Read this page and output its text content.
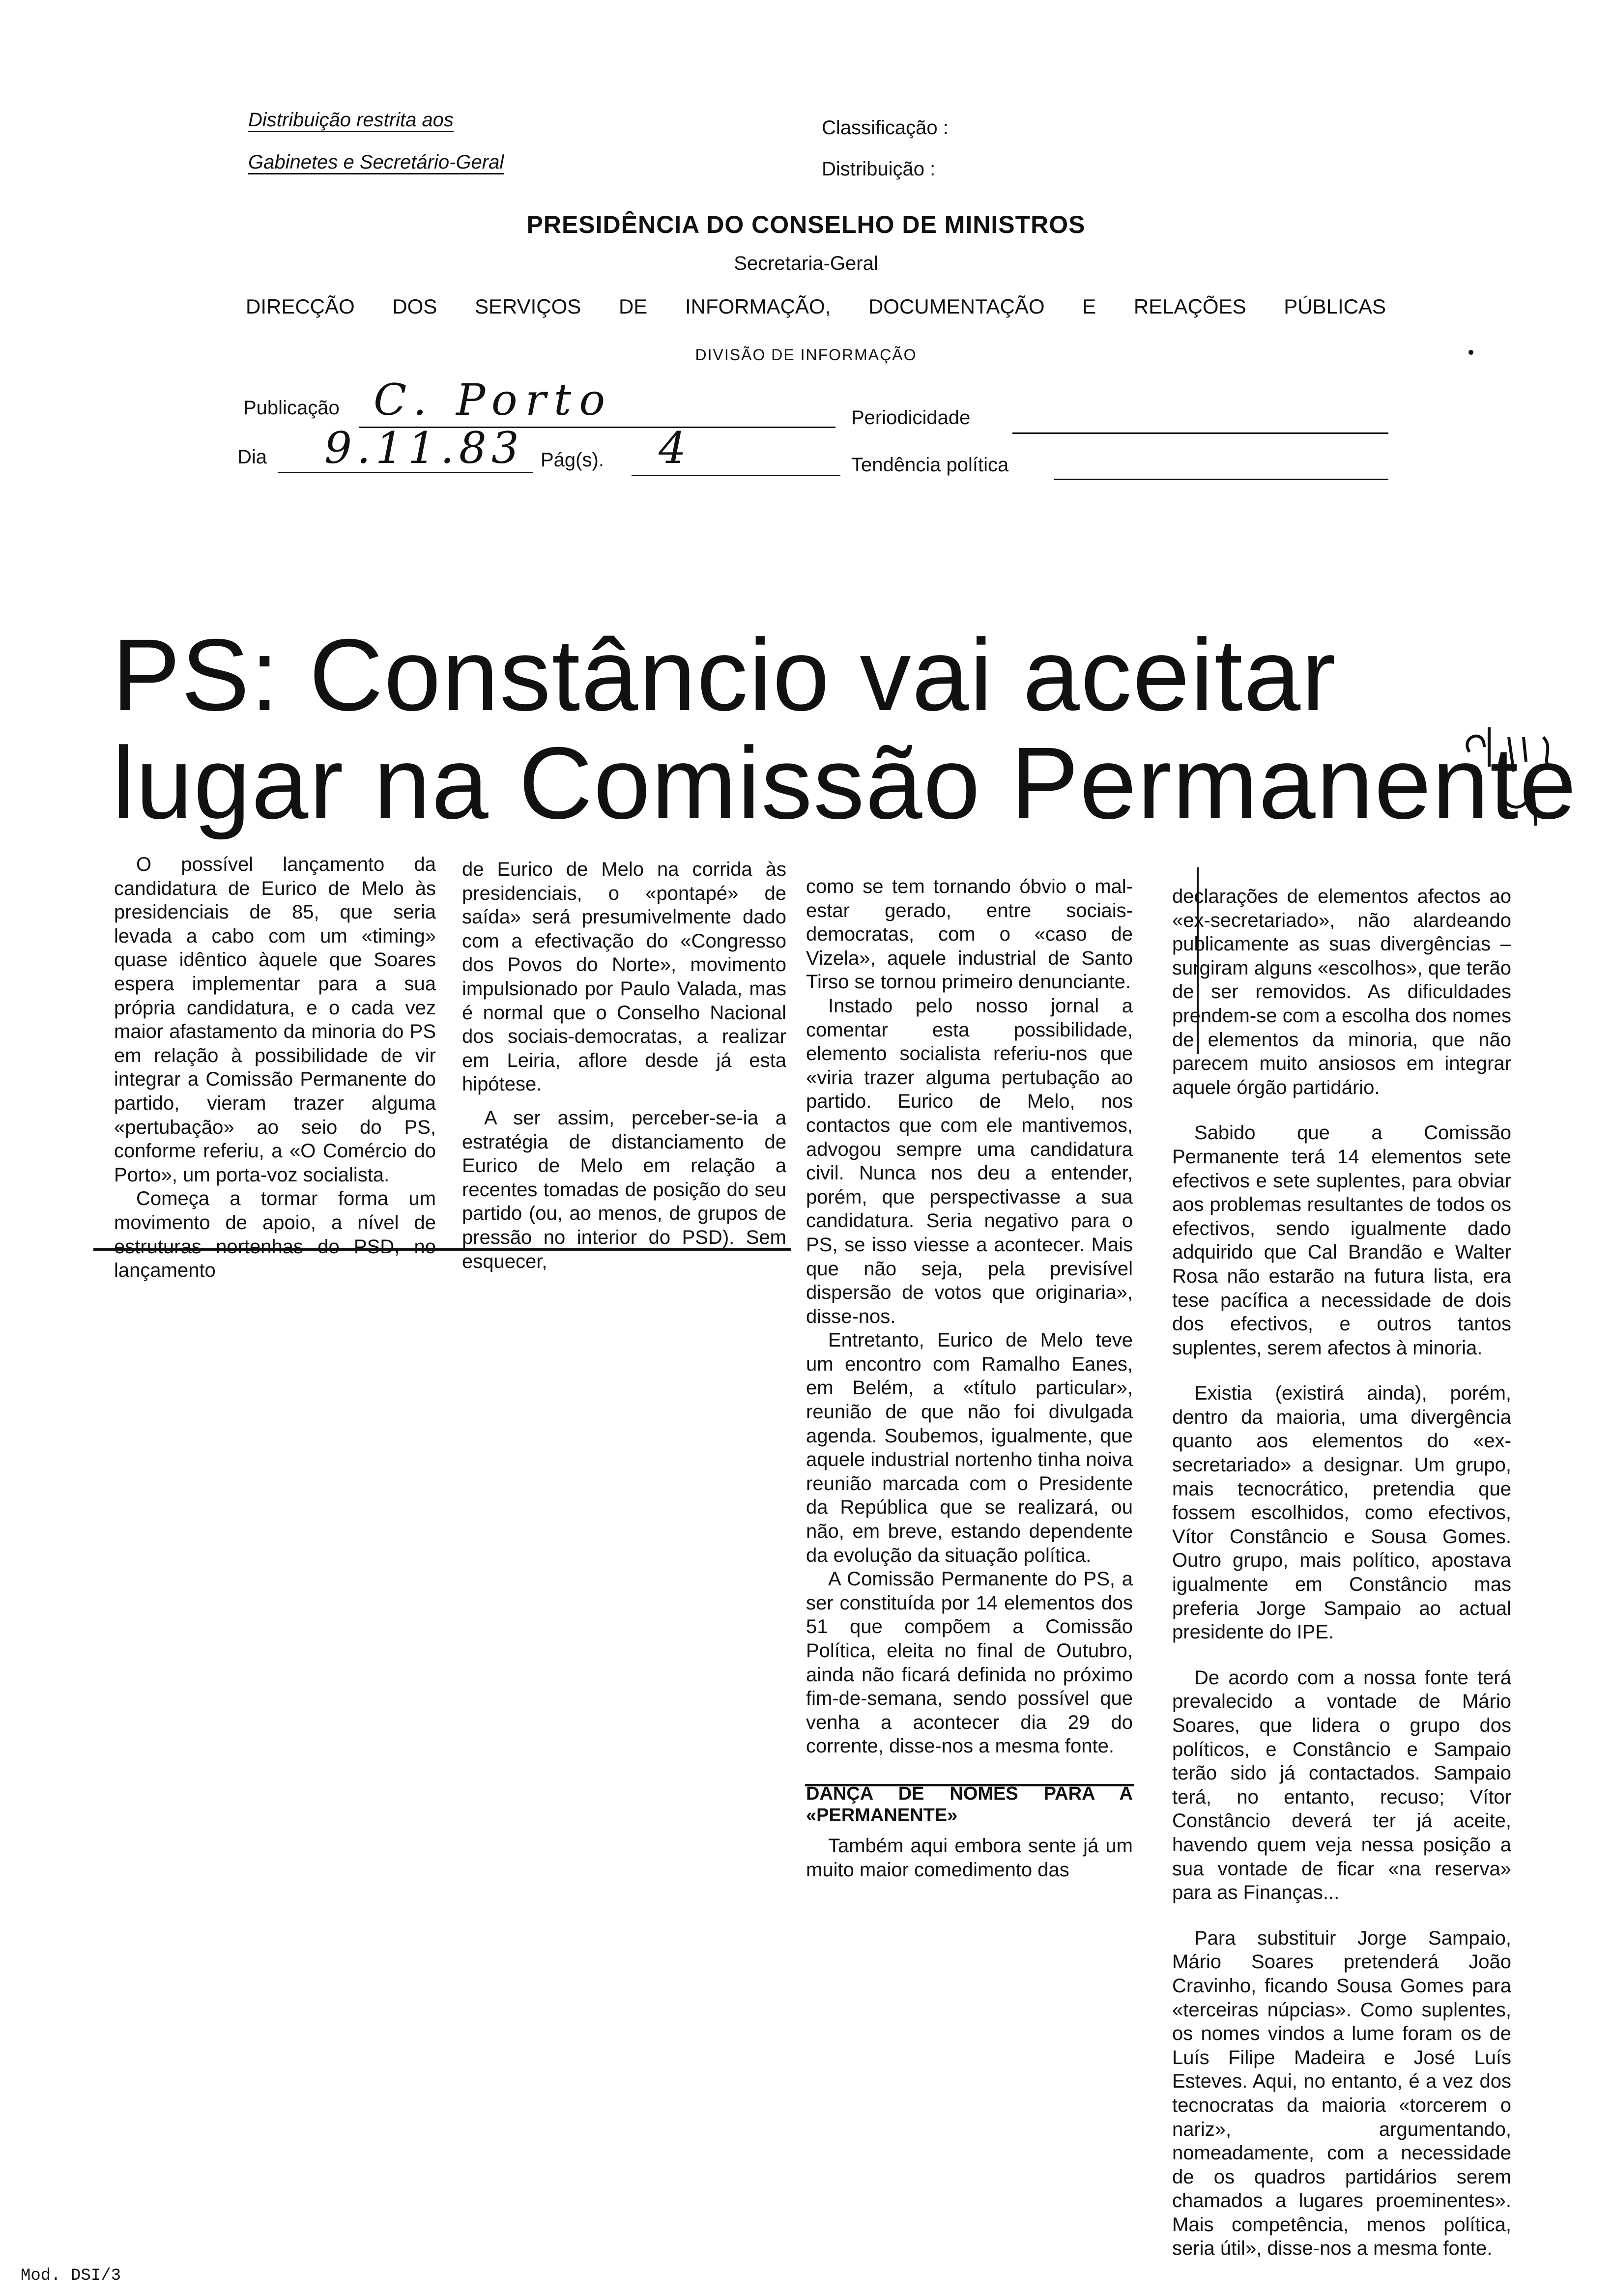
Distribuição restrita aos
Gabinetes e Secretário-Geral
Classificação :
Distribuição :
PRESIDÊNCIA DO CONSELHO DE MINISTROS
Secretaria-Geral
DIRECÇÃO DOS SERVIÇOS DE INFORMAÇÃO, DOCUMENTAÇÃO E RELAÇÕES PÚBLICAS
DIVISÃO DE INFORMAÇÃO
Publicação C. Porto	Periodicidade
Dia 9.11.83 Pág(s). 4	Tendência política
PS: Constâncio vai aceitar
lugar na Comissão Permanente

O possível lançamento da candidatura de Eurico de Melo às presidenciais de 85, que seria levada a cabo com um «timing» quase idêntico àquele que Soares espera implementar para a sua própria candidatura, e o cada vez maior afastamento da minoria do PS em relação à possibilidade de vir integrar a Comissão Permanente do partido, vieram trazer alguma «pertubação» ao seio do PS, conforme referiu, a «O Comércio do Porto», um porta-voz socialista.

Começa a tormar forma um movimento de apoio, a nível de estruturas nortenhas do PSD, no lançamento

de Eurico de Melo na corrida às presidenciais, o «pontapé» de saída» será presumivelmente dado com a efectivação do «Congresso dos Povos do Norte», movimento impulsionado por Paulo Valada, mas é normal que o Conselho Nacional dos sociais-democratas, a realizar em Leiria, aflore desde já esta hipótese.

A ser assim, perceber-se-ia a estratégia de distanciamento de Eurico de Melo em relação a recentes tomadas de posição do seu partido (ou, ao menos, de grupos de pressão no interior do PSD). Sem esquecer,

como se tem tornando óbvio o mal-estar gerado, entre sociais-democratas, com o «caso de Vizela», aquele industrial de Santo Tirso se tornou primeiro denunciante.

Instado pelo nosso jornal a comentar esta possibilidade, elemento socialista referiu-nos que «viria trazer alguma pertubação ao partido. Eurico de Melo, nos contactos que com ele mantivemos, advogou sempre uma candidatura civil. Nunca nos deu a entender, porém, que perspectivasse a sua candidatura. Seria negativo para o PS, se isso viesse a acontecer. Mais que não seja, pela previsível dispersão de votos que originaria», disse-nos.

Entretanto, Eurico de Melo teve um encontro com Ramalho Eanes, em Belém, a «título particular», reunião de que não foi divulgada agenda. Soubemos, igualmente, que aquele industrial nortenho tinha noiva reunião marcada com o Presidente da República que se realizará, ou não, em breve, estando dependente da evolução da situação política.

A Comissão Permanente do PS, a ser constituída por 14 elementos dos 51 que compõem a Comissão Política, eleita no final de Outubro, ainda não ficará definida no próximo fim-de-semana, sendo possível que venha a acontecer dia 29 do corrente, disse-nos a mesma fonte.

DANÇA DE NOMES PARA A «PERMANENTE»

Também aqui embora sente já um muito maior comedimento das

declarações de elementos afectos ao «ex-secretariado», não alardeando publicamente as suas divergências – surgiram alguns «escolhos», que terão de ser removidos. As dificuldades prendem-se com a escolha dos nomes de elementos da minoria, que não parecem muito ansiosos em integrar aquele órgão partidário.

Sabido que a Comissão Permanente terá 14 elementos sete efectivos e sete suplentes, para obviar aos problemas resultantes de todos os efectivos, sendo igualmente dado adquirido que Cal Brandão e Walter Rosa não estarão na futura lista, era tese pacífica a necessidade de dois dos efectivos, e outros tantos suplentes, serem afectos à minoria.

Existia (existirá ainda), porém, dentro da maioria, uma divergência quanto aos elementos do «ex-secretariado» a designar. Um grupo, mais tecnocrático, pretendia que fossem escolhidos, como efectivos, Vítor Constâncio e Sousa Gomes. Outro grupo, mais político, apostava igualmente em Constâncio mas preferia Jorge Sampaio ao actual presidente do IPE.

De acordo com a nossa fonte terá prevalecido a vontade de Mário Soares, que lidera o grupo dos políticos, e Constâncio e Sampaio terão sido já contactados. Sampaio terá, no entanto, recuso; Vítor Constâncio deverá ter já aceite, havendo quem veja nessa posição a sua vontade de ficar «na reserva» para as Finanças...

Para substituir Jorge Sampaio, Mário Soares pretenderá João Cravinho, ficando Sousa Gomes para «terceiras núpcias». Como suplentes, os nomes vindos a lume foram os de Luís Filipe Madeira e José Luís Esteves. Aqui, no entanto, é a vez dos tecnocratas da maioria «torcerem o nariz», argumentando, nomeadamente, com a necessidade de os quadros partidários serem chamados a lugares proeminentes». Mais competência, menos política, seria útil», disse-nos a mesma fonte.

Mod. DSI/3
